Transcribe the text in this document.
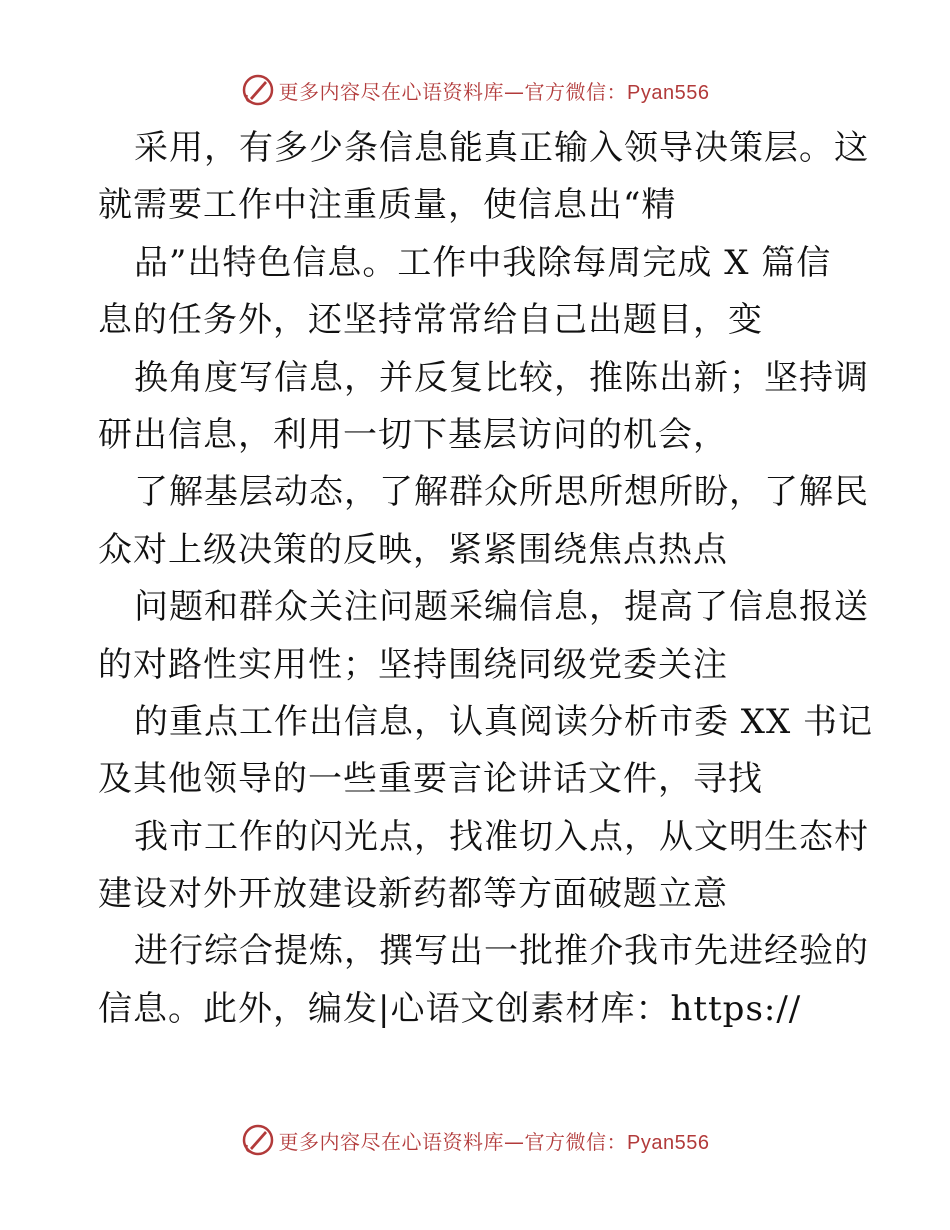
更多内容尽在心语资料库—官方微信：Pyan556
采用，有多少条信息能真正输入领导决策层。这
就需要工作中注重质量，使信息出“精
品”出特色信息。工作中我除每周完成 X 篇信
息的任务外，还坚持常常给自己出题目，变
换角度写信息，并反复比较，推陈出新；坚持调
研出信息，利用一切下基层访问的机会，
了解基层动态，了解群众所思所想所盼，了解民
众对上级决策的反映，紧紧围绕焦点热点
问题和群众关注问题采编信息，提高了信息报送
的对路性实用性；坚持围绕同级党委关注
的重点工作出信息，认真阅读分析市委 XX 书记
及其他领导的一些重要言论讲话文件，寻找
我市工作的闪光点，找准切入点，从文明生态村
建设对外开放建设新药都等方面破题立意
进行综合提炼，撰写出一批推介我市先进经验的
信息。此外，编发|心语文创素材库：https://
更多内容尽在心语资料库—官方微信：Pyan556
